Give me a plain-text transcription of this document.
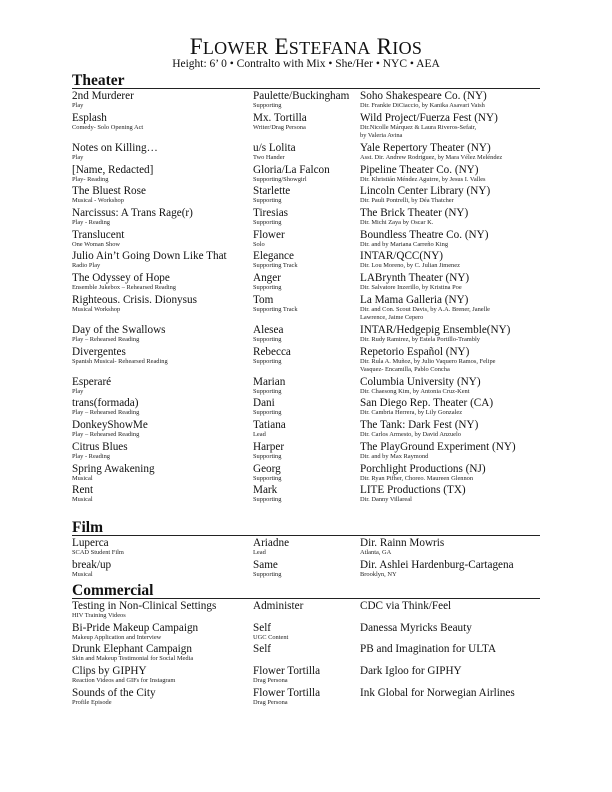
FLOWER ESTEFANA RIOS
Height: 6’ 0 • Contralto with Mix • She/Her • NYC • AEA
Theater
2nd Murderer
Play
Paulette/Buckingham
Supporting
Soho Shakespeare Co. (NY)
Dir. Frankie DiCiaccio, by Kanika Asavari Vaish
Esplash
Comedy- Solo Opening Act
Mx. Tortilla
Writer/Drag Persona
Wild Project/Fuerza Fest (NY)
Dir.Nicolle Márquez & Laura Riveros-Sefair,
by Valeria Avina
Notes on Killing…
Play
u/s Lolita
Two Hander
Yale Repertory Theater (NY)
Asst. Dir. Andrew Rodriguez, by Mara Vélez Meléndez
[Name, Redacted]
Play- Reading
Gloria/La Falcon
Supporting/Showgirl
Pipeline Theater Co. (NY)
Dir. Khristián Méndez Aguirre, by Jesus I. Valles
The Bluest Rose
Musical - Workshop
Starlette
Supporting
Lincoln Center Library (NY)
Dir. Pauli Pontrelli, by Déa Thatcher
Narcissus: A Trans Rage(r)
Play - Reading
Tiresias
Supporting
The Brick Theater (NY)
Dir. Michi Zaya by Oscar K.
Translucent
One Woman Show
Flower
Solo
Boundless Theatre Co. (NY)
Dir. and by Mariana Carreño King
Julio Ain’t Going Down Like That
Radio Play
Elegance
Supporting Track
INTAR/QCC(NY)
Dir. Lou Moreno, by C. Julian Jimenez
The Odyssey of Hope
Ensemble Jukebox – Rehearsed Reading
Anger
Supporting
LABrynth Theater (NY)
Dir. Salvatore Inzerillo, by Kristina Poe
Righteous. Crisis. Dionysus
Musical Workshop
Tom
Supporting Track
La Mama Galleria (NY)
Dir. and Con. Scout Davis, by A.A. Brener, Janelle
Lawrence, Jaime Cepero
Day of the Swallows
Play – Rehearsed Reading
Alesea
Supporting
INTAR/Hedgepig Ensemble(NY)
Dir. Rudy Ramirez, by Estela Portillo-Trambly
Divergentes
Spanish Musical- Rehearsed Reading
Rebecca
Supporting
Repetorio Español (NY)
Dir. Rula A. Muñoz, by Julio Vaquero Ramos, Felipe
Vasquez- Encamilla, Pablo Concha
Esperaré
Play
Marian
Supporting
Columbia University (NY)
Dir. Chaesong Kim, by Antonia Cruz-Kent
trans(formada)
Play – Rehearsed Reading
Dani
Supporting
San Diego Rep. Theater (CA)
Dir. Cambria Herrera, by Lily Gonzalez
DonkeyShowMe
Play – Rehearsed Reading
Tatiana
Lead
The Tank: Dark Fest (NY)
Dir. Carlos Armesto, by David Anzuelo
Citrus Blues
Play - Reading
Harper
Supporting
The PlayGround Experiment (NY)
Dir. and by Max Raymond
Spring Awakening
Musical
Georg
Supporting
Porchlight Productions (NJ)
Dir. Ryan Pifher, Choreo. Maureen Glennon
Rent
Musical
Mark
Supporting
LITE Productions (TX)
Dir. Danny Villareal
Film
Luperca
SCAD Student Film
Ariadne
Lead
Dir. Rainn Mowris
Atlanta, GA
break/up
Musical
Same
Supporting
Dir. Ashlei Hardenburg-Cartagena
Brooklyn, NY
Commercial
Testing in Non-Clinical Settings
HIV Training Videos
Administer	CDC via Think/Feel
Bi-Pride Makeup Campaign
Makeup Application and Interview
Self
UGC Content
Danessa Myricks Beauty
Drunk Elephant Campaign
Skin and Makeup Testimonial for Social Media
Self	PB and Imagination for ULTA
Clips by GIPHY
Reaction Videos and GIFs for Instagram
Flower Tortilla
Drag Persona
Dark Igloo for GIPHY
Sounds of the City
Profile Episode
Flower Tortilla
Drag Persona
Ink Global for Norwegian Airlines
